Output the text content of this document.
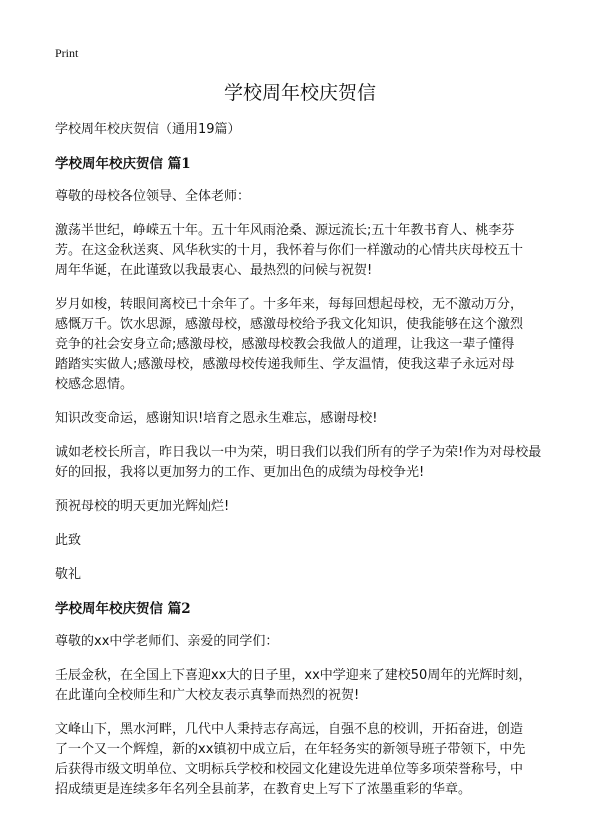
Print
学校周年校庆贺信

学校周年校庆贺信（通用19篇）

学校周年校庆贺信 篇1

尊敬的母校各位领导、全体老师：

激荡半世纪，峥嵘五十年。五十年风雨沧桑、源远流长;五十年教书育人、桃李芬
芳。在这金秋送爽、风华秋实的十月，我怀着与你们一样激动的心情共庆母校五十
周年华诞，在此谨致以我最衷心、最热烈的问候与祝贺!

岁月如梭，转眼间离校已十余年了。十多年来，每每回想起母校，无不激动万分，
感慨万千。饮水思源，感激母校，感激母校给予我文化知识，使我能够在这个激烈
竞争的社会安身立命;感激母校，感激母校教会我做人的道理，让我这一辈子懂得
踏踏实实做人;感激母校，感激母校传递我师生、学友温情，使我这辈子永远对母
校感念恩情。

知识改变命运，感谢知识!培育之恩永生难忘，感谢母校!

诚如老校长所言，昨日我以一中为荣，明日我们以我们所有的学子为荣!作为对母校最
好的回报，我将以更加努力的工作、更加出色的成绩为母校争光!

预祝母校的明天更加光辉灿烂!

此致

敬礼

学校周年校庆贺信 篇2

尊敬的xx中学老师们、亲爱的同学们：

壬辰金秋，在全国上下喜迎xx大的日子里，xx中学迎来了建校50周年的光辉时刻，
在此谨向全校师生和广大校友表示真挚而热烈的祝贺!

文峰山下，黑水河畔，几代中人秉持志存高远，自强不息的校训，开拓奋进，创造
了一个又一个辉煌，新的xx镇初中成立后，在年轻务实的新领导班子带领下，中先
后获得市级文明单位、文明标兵学校和校园文化建设先进单位等多项荣誉称号，中
招成绩更是连续多年名列全县前茅，在教育史上写下了浓墨重彩的华章。
